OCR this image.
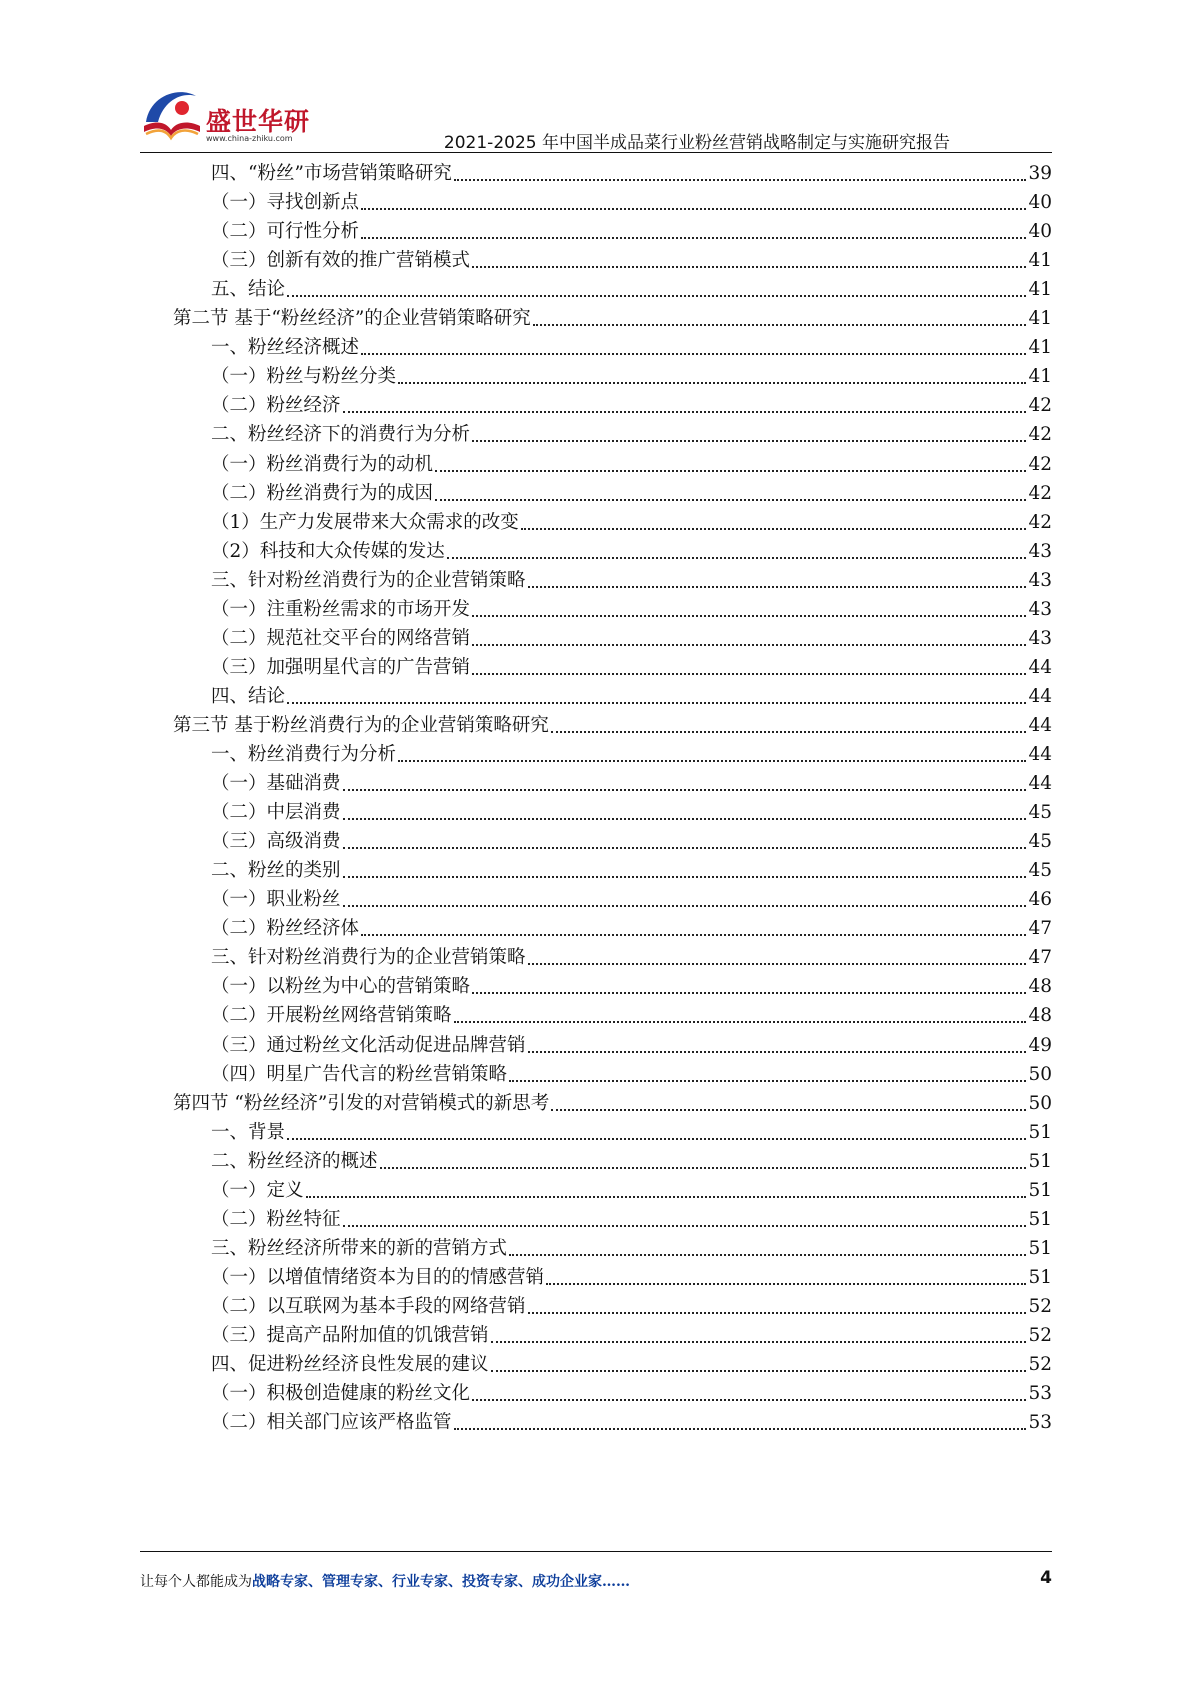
盛世华研
www.china-zhiku.com	2021-2025 年中国半成品菜行业粉丝营销战略制定与实施研究报告
四、“粉丝”市场营销策略研究	39
（一）寻找创新点	40
（二）可行性分析	40
（三）创新有效的推广营销模式	41
五、结论	41
第二节 基于“粉丝经济”的企业营销策略研究	41
一、粉丝经济概述	41
（一）粉丝与粉丝分类	41
（二）粉丝经济	42
二、粉丝经济下的消费行为分析	42
（一）粉丝消费行为的动机	42
（二）粉丝消费行为的成因	42
（1）生产力发展带来大众需求的改变	42
（2）科技和大众传媒的发达	43
三、针对粉丝消费行为的企业营销策略	43
（一）注重粉丝需求的市场开发	43
（二）规范社交平台的网络营销	43
（三）加强明星代言的广告营销	44
四、结论	44
第三节 基于粉丝消费行为的企业营销策略研究	44
一、粉丝消费行为分析	44
（一）基础消费	44
（二）中层消费	45
（三）高级消费	45
二、粉丝的类别	45
（一）职业粉丝	46
（二）粉丝经济体	47
三、针对粉丝消费行为的企业营销策略	47
（一）以粉丝为中心的营销策略	48
（二）开展粉丝网络营销策略	48
（三）通过粉丝文化活动促进品牌营销	49
（四）明星广告代言的粉丝营销策略	50
第四节 “粉丝经济”引发的对营销模式的新思考	50
一、背景	51
二、粉丝经济的概述	51
（一）定义	51
（二）粉丝特征	51
三、粉丝经济所带来的新的营销方式	51
（一）以增值情绪资本为目的的情感营销	51
（二）以互联网为基本手段的网络营销	52
（三）提高产品附加值的饥饿营销	52
四、促进粉丝经济良性发展的建议	52
（一）积极创造健康的粉丝文化	53
（二）相关部门应该严格监管	53
让每个人都能成为战略专家、管理专家、行业专家、投资专家、成功企业家……	4
